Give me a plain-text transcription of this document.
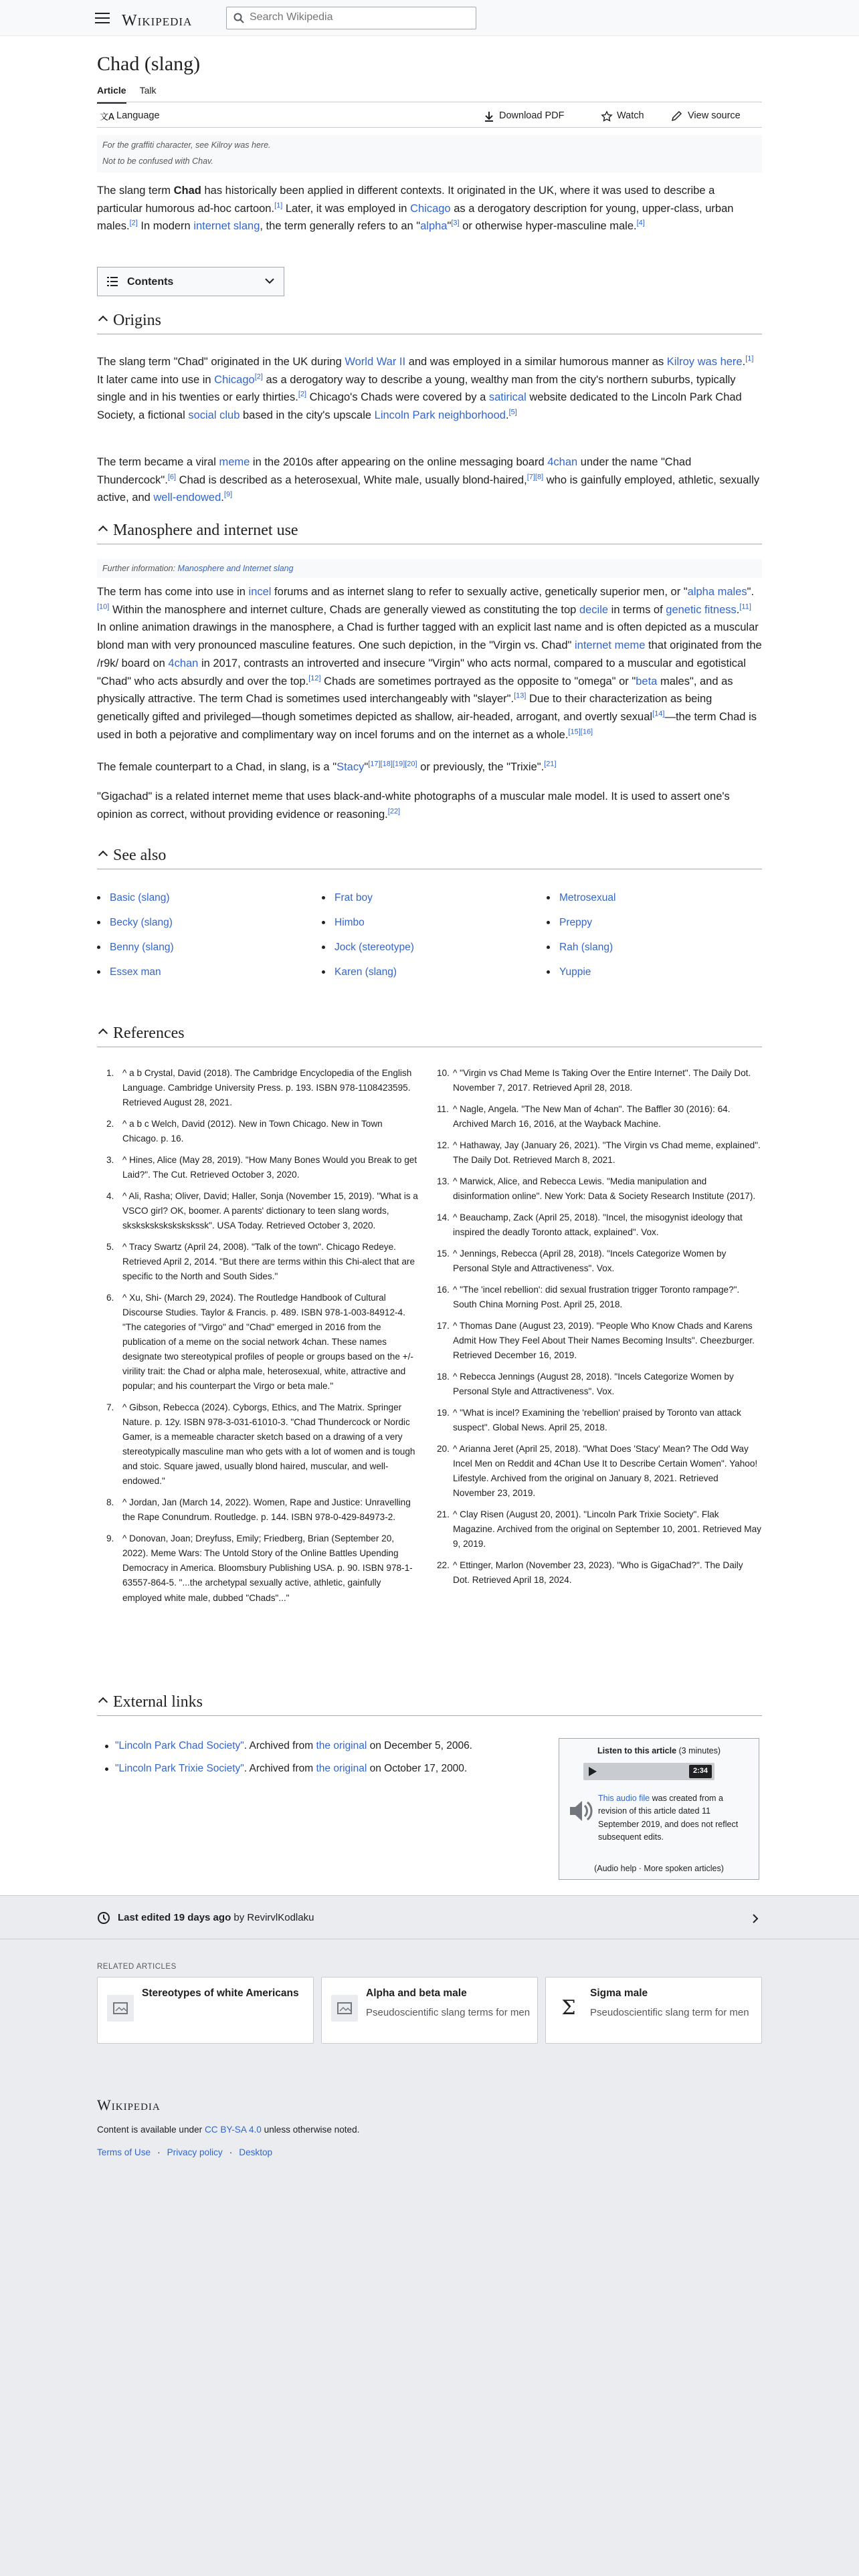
Wikipedia
Search Wikipedia
Chad (slang)
Article Talk
文A Language	Download PDF	Watch	View source
For the graffiti character, see Kilroy was here.
Not to be confused with Chav.

The slang term Chad has historically been applied in different contexts. It originated in the UK, where it was used to describe a particular humorous ad-hoc cartoon.[1] Later, it was employed in Chicago as a derogatory description for young, upper-class, urban males.[2] In modern internet slang, the term generally refers to an "alpha"[3] or otherwise hyper-masculine male.[4]

Contents
Origins

The slang term "Chad" originated in the UK during World War II and was employed in a similar humorous manner as Kilroy was here.[1] It later came into use in Chicago[2] as a derogatory way to describe a young, wealthy man from the city's northern suburbs, typically single and in his twenties or early thirties.[2] Chicago's Chads were covered by a satirical website dedicated to the Lincoln Park Chad Society, a fictional social club based in the city's upscale Lincoln Park neighborhood.[5]

The term became a viral meme in the 2010s after appearing on the online messaging board 4chan under the name "Chad Thundercock".[6] Chad is described as a heterosexual, White male, usually blond-haired,[7][8] who is gainfully employed, athletic, sexually active, and well-endowed.[9]

Manosphere and internet use
Further information: Manosphere and Internet slang

The term has come into use in incel forums and as internet slang to refer to sexually active, genetically superior men, or "alpha males".[10] Within the manosphere and internet culture, Chads are generally viewed as constituting the top decile in terms of genetic fitness.[11] In online animation drawings in the manosphere, a Chad is further tagged with an explicit last name and is often depicted as a muscular blond man with very pronounced masculine features. One such depiction, in the "Virgin vs. Chad" internet meme that originated from the /r9k/ board on 4chan in 2017, contrasts an introverted and insecure "Virgin" who acts normal, compared to a muscular and egotistical "Chad" who acts absurdly and over the top.[12] Chads are sometimes portrayed as the opposite to "omega" or "beta males", and as physically attractive. The term Chad is sometimes used interchangeably with "slayer".[13] Due to their characterization as being genetically gifted and privileged—though sometimes depicted as shallow, air-headed, arrogant, and overtly sexual[14]—the term Chad is used in both a pejorative and complimentary way on incel forums and on the internet as a whole.[15][16]

The female counterpart to a Chad, in slang, is a "Stacy"[17][18][19][20] or previously, the "Trixie".[21]

"Gigachad" is a related internet meme that uses black-and-white photographs of a muscular male model. It is used to assert one's opinion as correct, without providing evidence or reasoning.[22]

See also
Basic (slang)
Becky (slang)
Benny (slang)
Essex man
Frat boy
Himbo
Jock (stereotype)
Karen (slang)
Metrosexual
Preppy
Rah (slang)
Yuppie
References
1. ^ a b Crystal, David (2018). The Cambridge Encyclopedia of the English Language. Cambridge University Press. p. 193. ISBN 978-1108423595. Retrieved August 28, 2021.
2. ^ a b c Welch, David (2012). New in Town Chicago. New in Town Chicago. p. 16.
3. ^ Hines, Alice (May 28, 2019). "How Many Bones Would you Break to get Laid?". The Cut. Retrieved October 3, 2020.
4. ^ Ali, Rasha; Oliver, David; Haller, Sonja (November 15, 2019). "What is a VSCO girl? OK, boomer. A parents' dictionary to teen slang words, skskskskskskskskssk". USA Today. Retrieved October 3, 2020.
5. ^ Tracy Swartz (April 24, 2008). "Talk of the town". Chicago Redeye. Retrieved April 2, 2014. "But there are terms within this Chi-alect that are specific to the North and South Sides."
6. ^ Xu, Shi- (March 29, 2024). The Routledge Handbook of Cultural Discourse Studies. Taylor & Francis. p. 489. ISBN 978-1-003-84912-4. "The categories of "Virgo" and "Chad" emerged in 2016 from the publication of a meme on the social network 4chan. These names designate two stereotypical profiles of people or groups based on the +/- virility trait: the Chad or alpha male, heterosexual, white, attractive and popular; and his counterpart the Virgo or beta male."
7. ^ Gibson, Rebecca (2024). Cyborgs, Ethics, and The Matrix. Springer Nature. p. 12y. ISBN 978-3-031-61010-3. "Chad Thundercock or Nordic Gamer, is a memeable character sketch based on a drawing of a very stereotypically masculine man who gets with a lot of women and is tough and stoic. Square jawed, usually blond haired, muscular, and well-endowed."
8. ^ Jordan, Jan (March 14, 2022). Women, Rape and Justice: Unravelling the Rape Conundrum. Routledge. p. 144. ISBN 978-0-429-84973-2.
9. ^ Donovan, Joan; Dreyfuss, Emily; Friedberg, Brian (September 20, 2022). Meme Wars: The Untold Story of the Online Battles Upending Democracy in America. Bloomsbury Publishing USA. p. 90. ISBN 978-1-63557-864-5. "...the archetypal sexually active, athletic, gainfully employed white male, dubbed "Chads"..."
10. ^ "Virgin vs Chad Meme Is Taking Over the Entire Internet". The Daily Dot. November 7, 2017. Retrieved April 28, 2018.
11. ^ Nagle, Angela. "The New Man of 4chan". The Baffler 30 (2016): 64. Archived March 16, 2016, at the Wayback Machine.
12. ^ Hathaway, Jay (January 26, 2021). "The Virgin vs Chad meme, explained". The Daily Dot. Retrieved March 8, 2021.
13. ^ Marwick, Alice, and Rebecca Lewis. "Media manipulation and disinformation online". New York: Data & Society Research Institute (2017).
14. ^ Beauchamp, Zack (April 25, 2018). "Incel, the misogynist ideology that inspired the deadly Toronto attack, explained". Vox.
15. ^ Jennings, Rebecca (April 28, 2018). "Incels Categorize Women by Personal Style and Attractiveness". Vox.
16. ^ "The 'incel rebellion': did sexual frustration trigger Toronto rampage?". South China Morning Post. April 25, 2018.
17. ^ Thomas Dane (August 23, 2019). "People Who Know Chads and Karens Admit How They Feel About Their Names Becoming Insults". Cheezburger. Retrieved December 16, 2019.
18. ^ Rebecca Jennings (August 28, 2018). "Incels Categorize Women by Personal Style and Attractiveness". Vox.
19. ^ "What is incel? Examining the 'rebellion' praised by Toronto van attack suspect". Global News. April 25, 2018.
20. ^ Arianna Jeret (April 25, 2018). "What Does 'Stacy' Mean? The Odd Way Incel Men on Reddit and 4Chan Use It to Describe Certain Women". Yahoo! Lifestyle. Archived from the original on January 8, 2021. Retrieved November 23, 2019.
21. ^ Clay Risen (August 20, 2001). "Lincoln Park Trixie Society". Flak Magazine. Archived from the original on September 10, 2001. Retrieved May 9, 2019.
22. ^ Ettinger, Marlon (November 23, 2023). "Who is GigaChad?". The Daily Dot. Retrieved April 18, 2024.
External links
"Lincoln Park Chad Society". Archived from the original on December 5, 2006.
"Lincoln Park Trixie Society". Archived from the original on October 17, 2000.
Listen to this article (3 minutes)
2:34
This audio file was created from a revision of this article dated 11 September 2019, and does not reflect subsequent edits.
(Audio help · More spoken articles)
Last edited 19 days ago by RevirvlKodlaku
RELATED ARTICLES
Stereotypes of white Americans	Alpha and beta male
Pseudoscientific slang terms for men	Σ
Sigma male
Pseudoscientific slang term for men
Wikipedia
Content is available under CC BY-SA 4.0 unless otherwise noted.
Terms of Use · Privacy policy · Desktop
